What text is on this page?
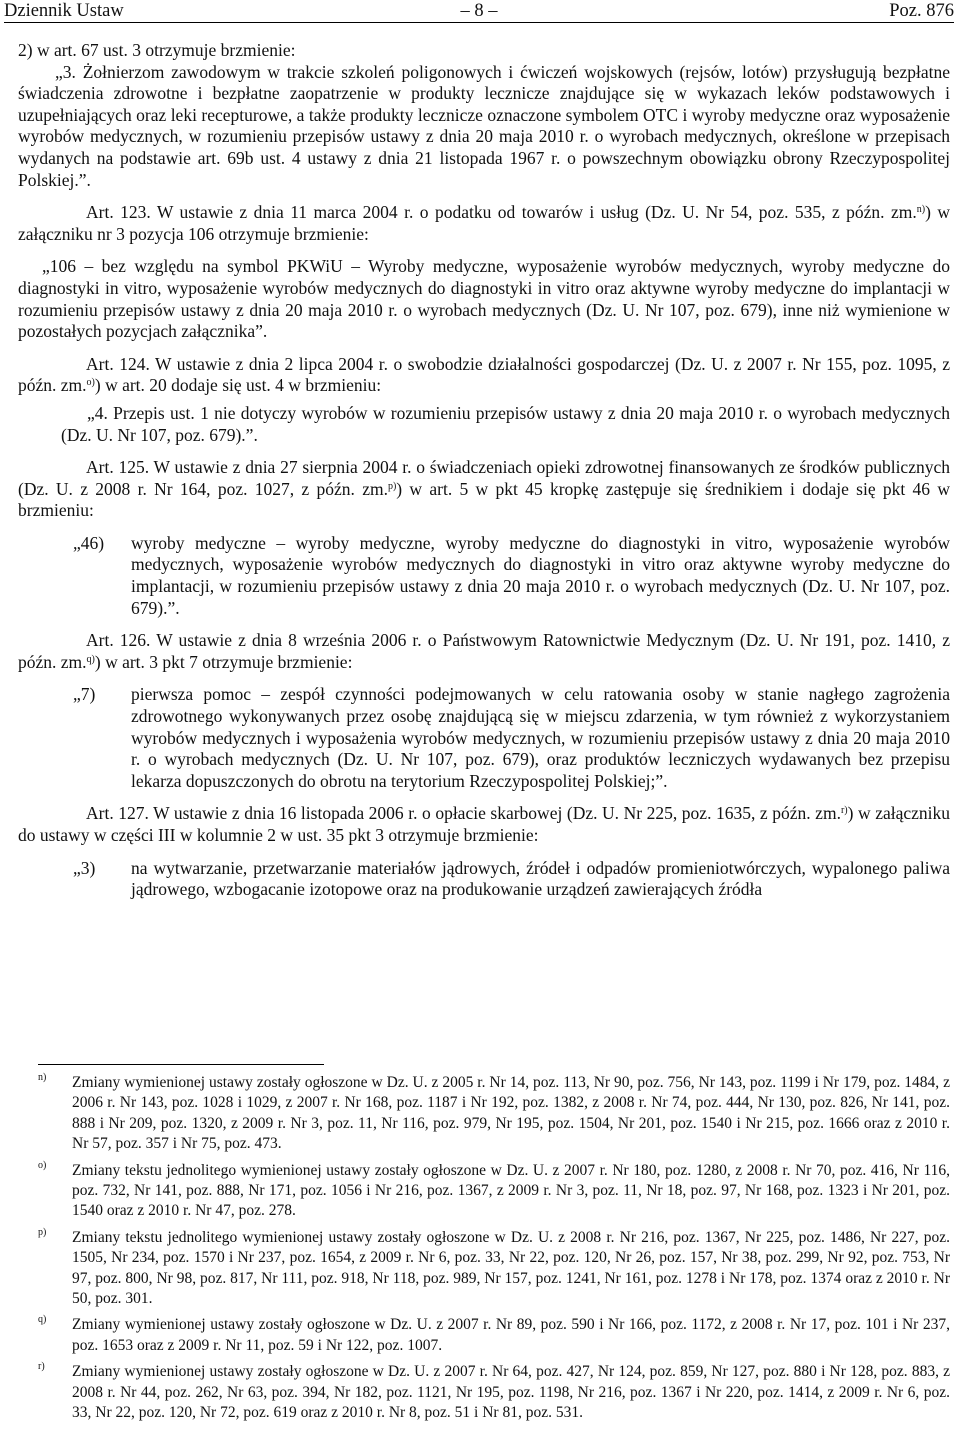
Dziennik Ustaw	– 8 –	Poz. 876

2) w art. 67 ust. 3 otrzymuje brzmienie:

„3. Żołnierzom zawodowym w trakcie szkoleń poligonowych i ćwiczeń wojskowych (rejsów, lotów) przysługują bezpłatne świadczenia zdrowotne i bezpłatne zaopatrzenie w produkty lecznicze znajdujące się w wykazach leków podstawowych i uzupełniających oraz leki recepturowe, a także produkty lecznicze oznaczone symbolem OTC i wyroby medyczne oraz wyposażenie wyrobów medycznych, w rozumieniu przepisów ustawy z dnia 20 maja 2010 r. o wyrobach medycznych, określone w przepisach wydanych na podstawie art. 69b ust. 4 ustawy z dnia 21 listopada 1967 r. o powszechnym obowiązku obrony Rzeczypospolitej Polskiej.”.

Art. 123. W ustawie z dnia 11 marca 2004 r. o podatku od towarów i usług (Dz. U. Nr 54, poz. 535, z późn. zm.$^{n)}$) w załączniku nr 3 pozycja 106 otrzymuje brzmienie:

„106 – bez względu na symbol PKWiU – Wyroby medyczne, wyposażenie wyrobów medycznych, wyroby medyczne do diagnostyki in vitro, wyposażenie wyrobów medycznych do diagnostyki in vitro oraz aktywne wyroby medyczne do implantacji w rozumieniu przepisów ustawy z dnia 20 maja 2010 r. o wyrobach medycznych (Dz. U. Nr 107, poz. 679), inne niż wymienione w pozostałych pozycjach załącznika”.

Art. 124. W ustawie z dnia 2 lipca 2004 r. o swobodzie działalności gospodarczej (Dz. U. z 2007 r. Nr 155, poz. 1095, z późn. zm.$^{o)}$) w art. 20 dodaje się ust. 4 w brzmieniu:

„4. Przepis ust. 1 nie dotyczy wyrobów w rozumieniu przepisów ustawy z dnia 20 maja 2010 r. o wyrobach medycznych (Dz. U. Nr 107, poz. 679).”.

Art. 125. W ustawie z dnia 27 sierpnia 2004 r. o świadczeniach opieki zdrowotnej finansowanych ze środków publicznych (Dz. U. z 2008 r. Nr 164, poz. 1027, z późn. zm.$^{p)}$) w art. 5 w pkt 45 kropkę zastępuje się średnikiem i dodaje się pkt 46 w brzmieniu:

„46) wyroby medyczne – wyroby medyczne, wyroby medyczne do diagnostyki in vitro, wyposażenie wyrobów medycznych, wyposażenie wyrobów medycznych do diagnostyki in vitro oraz aktywne wyroby medyczne do implantacji, w rozumieniu przepisów ustawy z dnia 20 maja 2010 r. o wyrobach medycznych (Dz. U. Nr 107, poz. 679).”.

Art. 126. W ustawie z dnia 8 września 2006 r. o Państwowym Ratownictwie Medycznym (Dz. U. Nr 191, poz. 1410, z późn. zm.$^{q)}$) w art. 3 pkt 7 otrzymuje brzmienie:

„7) pierwsza pomoc – zespół czynności podejmowanych w celu ratowania osoby w stanie nagłego zagrożenia zdrowotnego wykonywanych przez osobę znajdującą się w miejscu zdarzenia, w tym również z wykorzystaniem wyrobów medycznych i wyposażenia wyrobów medycznych, w rozumieniu przepisów ustawy z dnia 20 maja 2010 r. o wyrobach medycznych (Dz. U. Nr 107, poz. 679), oraz produktów leczniczych wydawanych bez przepisu lekarza dopuszczonych do obrotu na terytorium Rzeczypospolitej Polskiej;”.

Art. 127. W ustawie z dnia 16 listopada 2006 r. o opłacie skarbowej (Dz. U. Nr 225, poz. 1635, z późn. zm.$^{r)}$) w załączniku do ustawy w części III w kolumnie 2 w ust. 35 pkt 3 otrzymuje brzmienie:

„3) na wytwarzanie, przetwarzanie materiałów jądrowych, źródeł i odpadów promieniotwórczych, wypalonego paliwa jądrowego, wzbogacanie izotopowe oraz na produkowanie urządzeń zawierających źródła

n) Zmiany wymienionej ustawy zostały ogłoszone w Dz. U. z 2005 r. Nr 14, poz. 113, Nr 90, poz. 756, Nr 143, poz. 1199 i Nr 179, poz. 1484, z 2006 r. Nr 143, poz. 1028 i 1029, z 2007 r. Nr 168, poz. 1187 i Nr 192, poz. 1382, z 2008 r. Nr 74, poz. 444, Nr 130, poz. 826, Nr 141, poz. 888 i Nr 209, poz. 1320, z 2009 r. Nr 3, poz. 11, Nr 116, poz. 979, Nr 195, poz. 1504, Nr 201, poz. 1540 i Nr 215, poz. 1666 oraz z 2010 r. Nr 57, poz. 357 i Nr 75, poz. 473.
o) Zmiany tekstu jednolitego wymienionej ustawy zostały ogłoszone w Dz. U. z 2007 r. Nr 180, poz. 1280, z 2008 r. Nr 70, poz. 416, Nr 116, poz. 732, Nr 141, poz. 888, Nr 171, poz. 1056 i Nr 216, poz. 1367, z 2009 r. Nr 3, poz. 11, Nr 18, poz. 97, Nr 168, poz. 1323 i Nr 201, poz. 1540 oraz z 2010 r. Nr 47, poz. 278.
p) Zmiany tekstu jednolitego wymienionej ustawy zostały ogłoszone w Dz. U. z 2008 r. Nr 216, poz. 1367, Nr 225, poz. 1486, Nr 227, poz. 1505, Nr 234, poz. 1570 i Nr 237, poz. 1654, z 2009 r. Nr 6, poz. 33, Nr 22, poz. 120, Nr 26, poz. 157, Nr 38, poz. 299, Nr 92, poz. 753, Nr 97, poz. 800, Nr 98, poz. 817, Nr 111, poz. 918, Nr 118, poz. 989, Nr 157, poz. 1241, Nr 161, poz. 1278 i Nr 178, poz. 1374 oraz z 2010 r. Nr 50, poz. 301.
q) Zmiany wymienionej ustawy zostały ogłoszone w Dz. U. z 2007 r. Nr 89, poz. 590 i Nr 166, poz. 1172, z 2008 r. Nr 17, poz. 101 i Nr 237, poz. 1653 oraz z 2009 r. Nr 11, poz. 59 i Nr 122, poz. 1007.
r) Zmiany wymienionej ustawy zostały ogłoszone w Dz. U. z 2007 r. Nr 64, poz. 427, Nr 124, poz. 859, Nr 127, poz. 880 i Nr 128, poz. 883, z 2008 r. Nr 44, poz. 262, Nr 63, poz. 394, Nr 182, poz. 1121, Nr 195, poz. 1198, Nr 216, poz. 1367 i Nr 220, poz. 1414, z 2009 r. Nr 6, poz. 33, Nr 22, poz. 120, Nr 72, poz. 619 oraz z 2010 r. Nr 8, poz. 51 i Nr 81, poz. 531.
